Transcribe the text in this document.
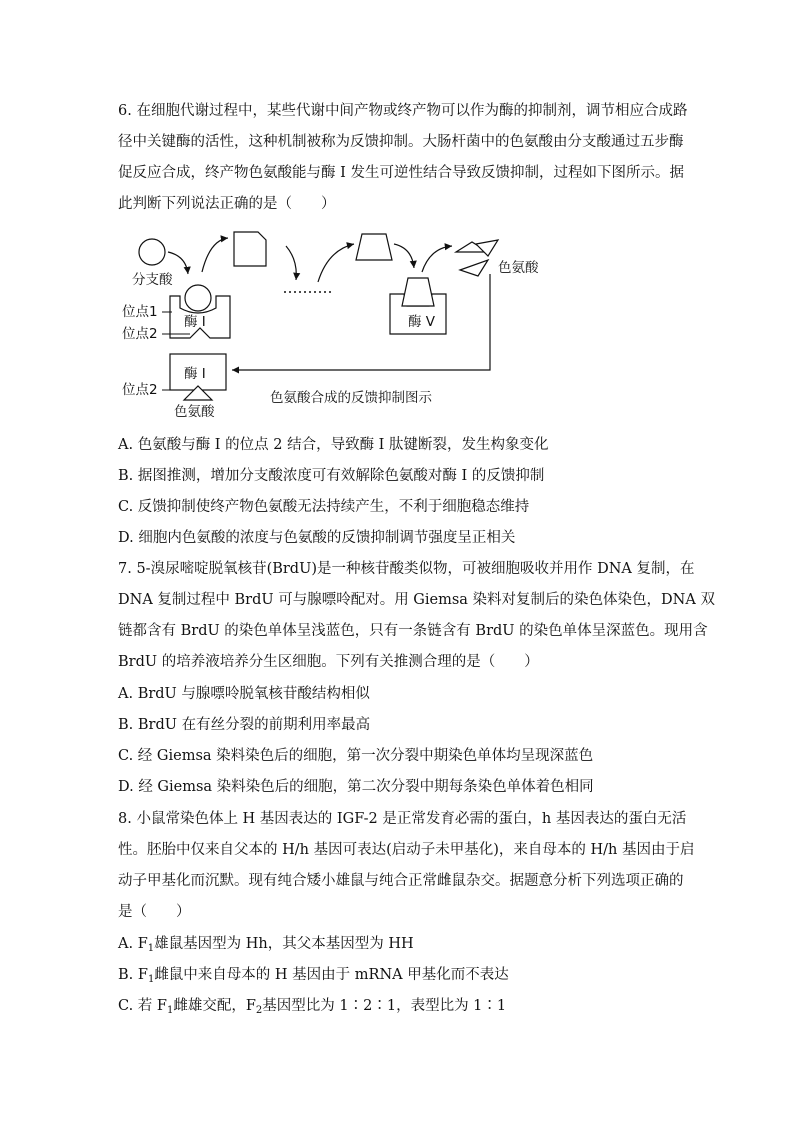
6. 在细胞代谢过程中，某些代谢中间产物或终产物可以作为酶的抑制剂，调节相应合成路
径中关键酶的活性，这种机制被称为反馈抑制。大肠杆菌中的色氨酸由分支酸通过五步酶
促反应合成，终产物色氨酸能与酶 I 发生可逆性结合导致反馈抑制，过程如下图所示。据
此判断下列说法正确的是（　　）
分支酸
酶 I
位点1
位点2
酶 V
色氨酸
酶 I
位点2
色氨酸
色氨酸合成的反馈抑制图示
A. 色氨酸与酶 I 的位点 2 结合，导致酶 I 肽键断裂，发生构象变化
B. 据图推测，增加分支酸浓度可有效解除色氨酸对酶 I 的反馈抑制
C. 反馈抑制使终产物色氨酸无法持续产生，不利于细胞稳态维持
D. 细胞内色氨酸的浓度与色氨酸的反馈抑制调节强度呈正相关
7. 5-溴尿嘧啶脱氧核苷(BrdU)是一种核苷酸类似物，可被细胞吸收并用作 DNA 复制，在
DNA 复制过程中 BrdU 可与腺嘌呤配对。用 Giemsa 染料对复制后的染色体染色，DNA 双
链都含有 BrdU 的染色单体呈浅蓝色，只有一条链含有 BrdU 的染色单体呈深蓝色。现用含
BrdU 的培养液培养分生区细胞。下列有关推测合理的是（　　）
A. BrdU 与腺嘌呤脱氧核苷酸结构相似
B. BrdU 在有丝分裂的前期利用率最高
C. 经 Giemsa 染料染色后的细胞，第一次分裂中期染色单体均呈现深蓝色
D. 经 Giemsa 染料染色后的细胞，第二次分裂中期每条染色单体着色相同
8. 小鼠常染色体上 H 基因表达的 IGF-2 是正常发育必需的蛋白，h 基因表达的蛋白无活
性。胚胎中仅来自父本的 H/h 基因可表达(启动子未甲基化)，来自母本的 H/h 基因由于启
动子甲基化而沉默。现有纯合矮小雄鼠与纯合正常雌鼠杂交。据题意分析下列选项正确的
是（　　）
A. $F_1$雄鼠基因型为 Hh，其父本基因型为 HH
B. $F_1$雌鼠中来自母本的 H 基因由于 mRNA 甲基化而不表达
C. 若 $F_1$雌雄交配，$F_2$基因型比为 1∶2∶1，表型比为 1∶1
